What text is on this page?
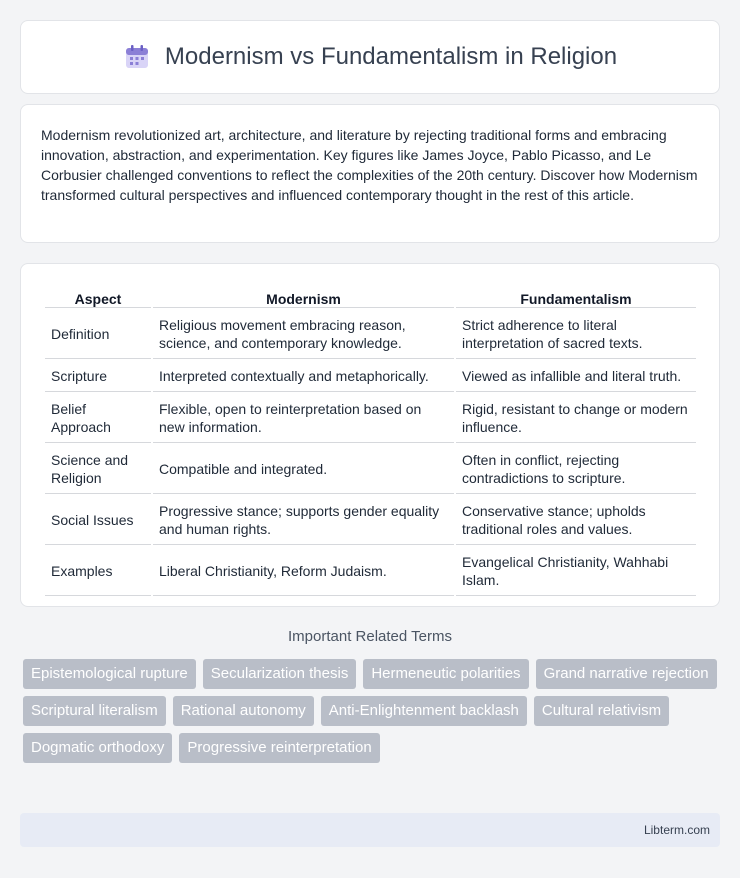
Modernism vs Fundamentalism in Religion

Modernism revolutionized art, architecture, and literature by rejecting traditional forms and embracing innovation, abstraction, and experimentation. Key figures like James Joyce, Pablo Picasso, and Le Corbusier challenged conventions to reflect the complexities of the 20th century. Discover how Modernism transformed cultural perspectives and influenced contemporary thought in the rest of this article.

Aspect	Modernism	Fundamentalism
Definition	Religious movement embracing reason, science, and contemporary knowledge.	Strict adherence to literal interpretation of sacred texts.
Scripture	Interpreted contextually and metaphorically.	Viewed as infallible and literal truth.
Belief Approach	Flexible, open to reinterpretation based on new information.	Rigid, resistant to change or modern influence.
Science and Religion	Compatible and integrated.	Often in conflict, rejecting contradictions to scripture.
Social Issues	Progressive stance; supports gender equality and human rights.	Conservative stance; upholds traditional roles and values.
Examples	Liberal Christianity, Reform Judaism.	Evangelical Christianity, Wahhabi Islam.
Important Related Terms
Epistemological rupture	Secularization thesis	Hermeneutic polarities	Grand narrative rejection
Scriptural literalism	Rational autonomy	Anti-Enlightenment backlash	Cultural relativism
Dogmatic orthodoxy	Progressive reinterpretation
Libterm.com
